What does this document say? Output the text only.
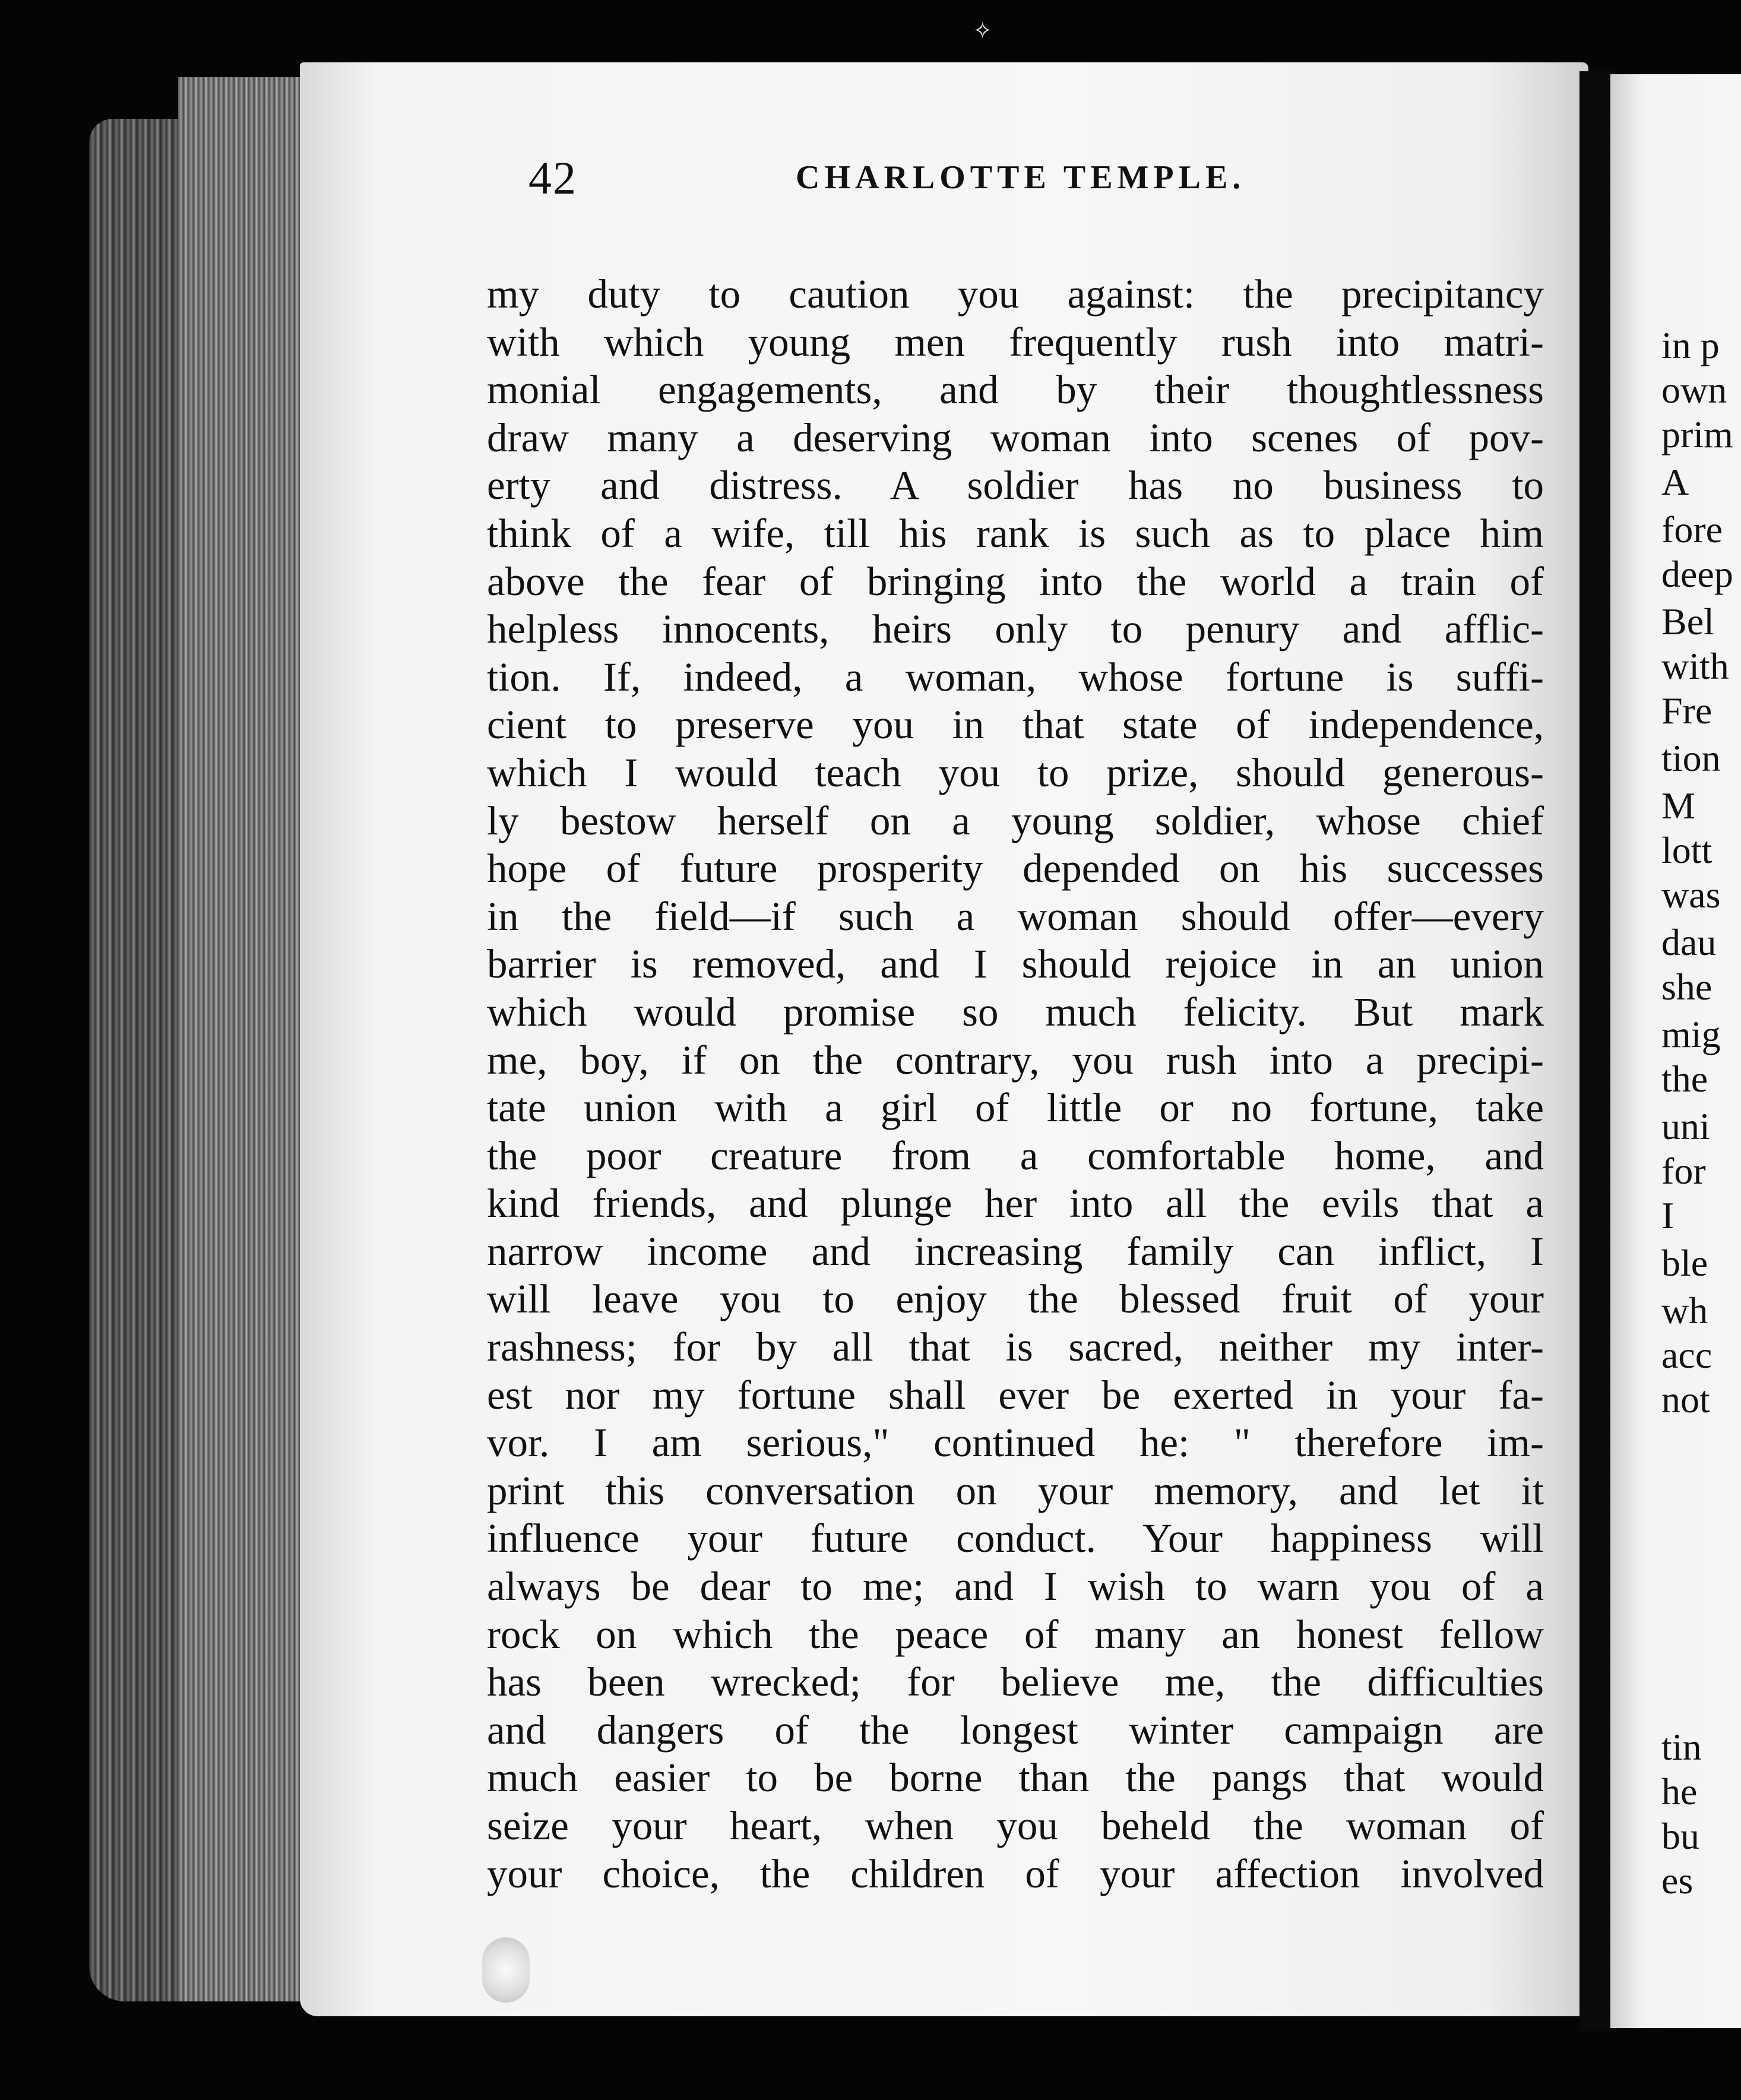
✧
42	CHARLOTTE TEMPLE.
my duty to caution you against: the precipitancy
with which young men frequently rush into matri-
monial engagements, and by their thoughtlessness
draw many a deserving woman into scenes of pov-
erty and distress. A soldier has no business to
think of a wife, till his rank is such as to place him
above the fear of bringing into the world a train of
helpless innocents, heirs only to penury and afflic-
tion. If, indeed, a woman, whose fortune is suffi-
cient to preserve you in that state of independence,
which I would teach you to prize, should generous-
ly bestow herself on a young soldier, whose chief
hope of future prosperity depended on his successes
in the field—if such a woman should offer—every
barrier is removed, and I should rejoice in an union
which would promise so much felicity. But mark
me, boy, if on the contrary, you rush into a precipi-
tate union with a girl of little or no fortune, take
the poor creature from a comfortable home, and
kind friends, and plunge her into all the evils that a
narrow income and increasing family can inflict, I
will leave you to enjoy the blessed fruit of your
rashness; for by all that is sacred, neither my inter-
est nor my fortune shall ever be exerted in your fa-
vor. I am serious," continued he: " therefore im-
print this conversation on your memory, and let it
influence your future conduct. Your happiness will
always be dear to me; and I wish to warn you of a
rock on which the peace of many an honest fellow
has been wrecked; for believe me, the difficulties
and dangers of the longest winter campaign are
much easier to be borne than the pangs that would
seize your heart, when you beheld the woman of
your choice, the children of your affection involved
in p
own
prim
A
fore
deep
Bel
with
Fre
tion
M
lott
was
dau
she
mig
the
uni
for
I
ble
wh
acc
not
tin
he
bu
es
